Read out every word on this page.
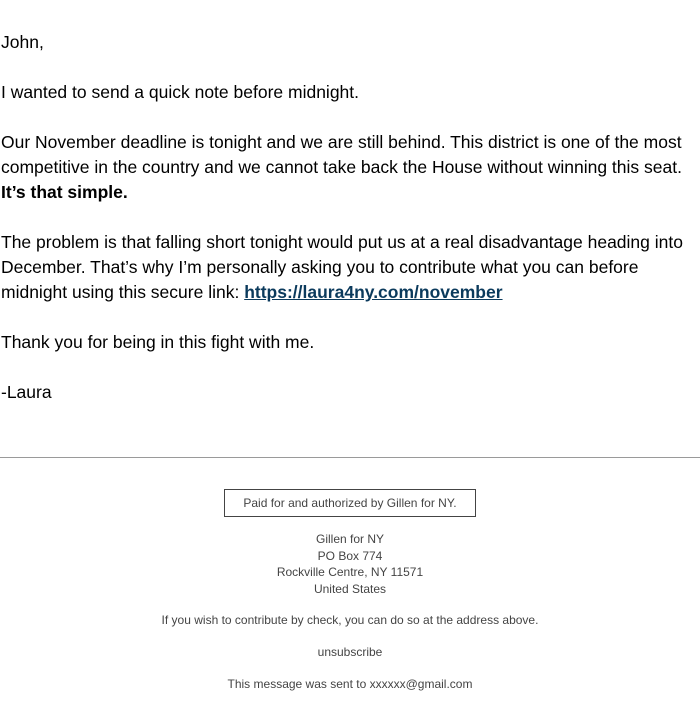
John,

I wanted to send a quick note before midnight.

Our November deadline is tonight and we are still behind. This district is one of the most competitive in the country and we cannot take back the House without winning this seat. It’s that simple.

The problem is that falling short tonight would put us at a real disadvantage heading into December. That’s why I’m personally asking you to contribute what you can before midnight using this secure link: https://laura4ny.com/november

Thank you for being in this fight with me.

-Laura

Paid for and authorized by Gillen for NY.

Gillen for NY

PO Box 774

Rockville Centre, NY 11571

United States

If you wish to contribute by check, you can do so at the address above.
unsubscribe
This message was sent to xxxxxx@gmail.com
